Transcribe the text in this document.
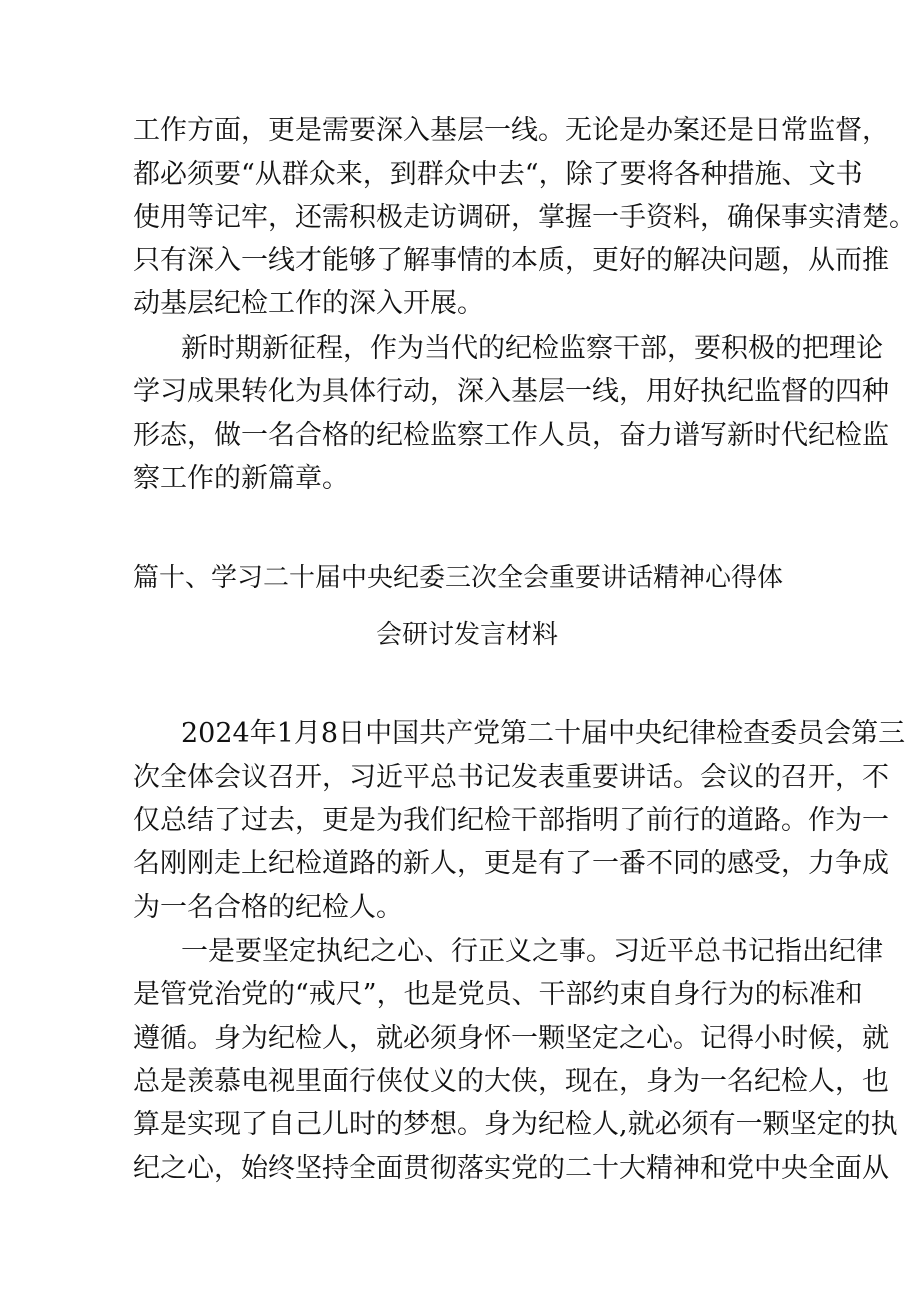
工作方面，更是需要深入基层一线。无论是办案还是日常监督，
都必须要“从群众来，到群众中去“，除了要将各种措施、文书
使用等记牢，还需积极走访调研，掌握一手资料，确保事实清楚。
只有深入一线才能够了解事情的本质，更好的解决问题，从而推
动基层纪检工作的深入开展。
新时期新征程，作为当代的纪检监察干部，要积极的把理论
学习成果转化为具体行动，深入基层一线，用好执纪监督的四种
形态，做一名合格的纪检监察工作人员，奋力谱写新时代纪检监
察工作的新篇章。
篇十、学习二十届中央纪委三次全会重要讲话精神心得体
会研讨发言材料
2024年1月8日中国共产党第二十届中央纪律检查委员会第三
次全体会议召开，习近平总书记发表重要讲话。会议的召开，不
仅总结了过去，更是为我们纪检干部指明了前行的道路。作为一
名刚刚走上纪检道路的新人，更是有了一番不同的感受，力争成
为一名合格的纪检人。
一是要坚定执纪之心、行正义之事。习近平总书记指出纪律
是管党治党的“戒尺”，也是党员、干部约束自身行为的标准和
遵循。身为纪检人，就必须身怀一颗坚定之心。记得小时候，就
总是羡慕电视里面行侠仗义的大侠，现在，身为一名纪检人，也
算是实现了自己儿时的梦想。身为纪检人,就必须有一颗坚定的执
纪之心，始终坚持全面贯彻落实党的二十大精神和党中央全面从
